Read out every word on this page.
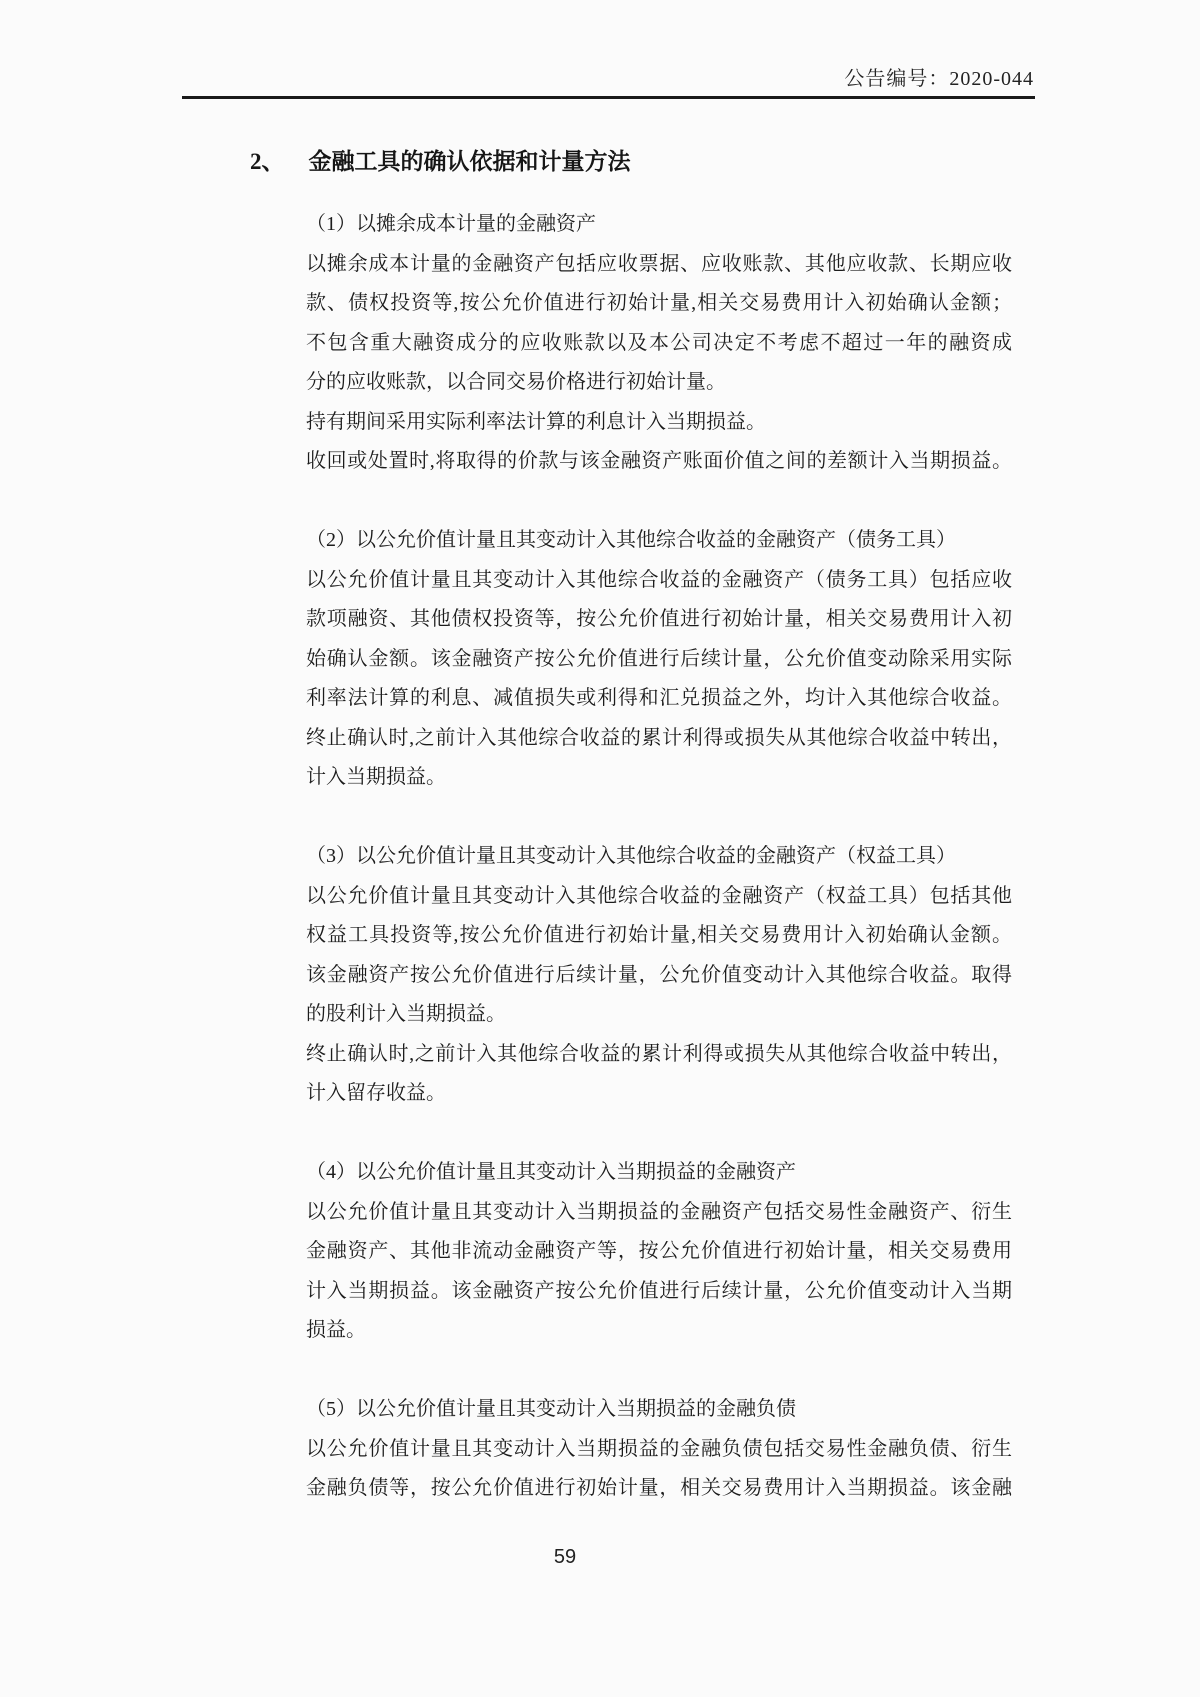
公告编号：2020-044
2、 金融工具的确认依据和计量方法
（1）以摊余成本计量的金融资产
以摊余成本计量的金融资产包括应收票据、应收账款、其他应收款、长期应收
款、债权投资等,按公允价值进行初始计量,相关交易费用计入初始确认金额；
不包含重大融资成分的应收账款以及本公司决定不考虑不超过一年的融资成
分的应收账款，以合同交易价格进行初始计量。
持有期间采用实际利率法计算的利息计入当期损益。
收回或处置时,将取得的价款与该金融资产账面价值之间的差额计入当期损益。
（2）以公允价值计量且其变动计入其他综合收益的金融资产（债务工具）
以公允价值计量且其变动计入其他综合收益的金融资产（债务工具）包括应收
款项融资、其他债权投资等，按公允价值进行初始计量，相关交易费用计入初
始确认金额。该金融资产按公允价值进行后续计量，公允价值变动除采用实际
利率法计算的利息、减值损失或利得和汇兑损益之外，均计入其他综合收益。
终止确认时,之前计入其他综合收益的累计利得或损失从其他综合收益中转出，
计入当期损益。
（3）以公允价值计量且其变动计入其他综合收益的金融资产（权益工具）
以公允价值计量且其变动计入其他综合收益的金融资产（权益工具）包括其他
权益工具投资等,按公允价值进行初始计量,相关交易费用计入初始确认金额。
该金融资产按公允价值进行后续计量，公允价值变动计入其他综合收益。取得
的股利计入当期损益。
终止确认时,之前计入其他综合收益的累计利得或损失从其他综合收益中转出，
计入留存收益。
（4）以公允价值计量且其变动计入当期损益的金融资产
以公允价值计量且其变动计入当期损益的金融资产包括交易性金融资产、衍生
金融资产、其他非流动金融资产等，按公允价值进行初始计量，相关交易费用
计入当期损益。该金融资产按公允价值进行后续计量，公允价值变动计入当期
损益。
（5）以公允价值计量且其变动计入当期损益的金融负债
以公允价值计量且其变动计入当期损益的金融负债包括交易性金融负债、衍生
金融负债等，按公允价值进行初始计量，相关交易费用计入当期损益。该金融
59
